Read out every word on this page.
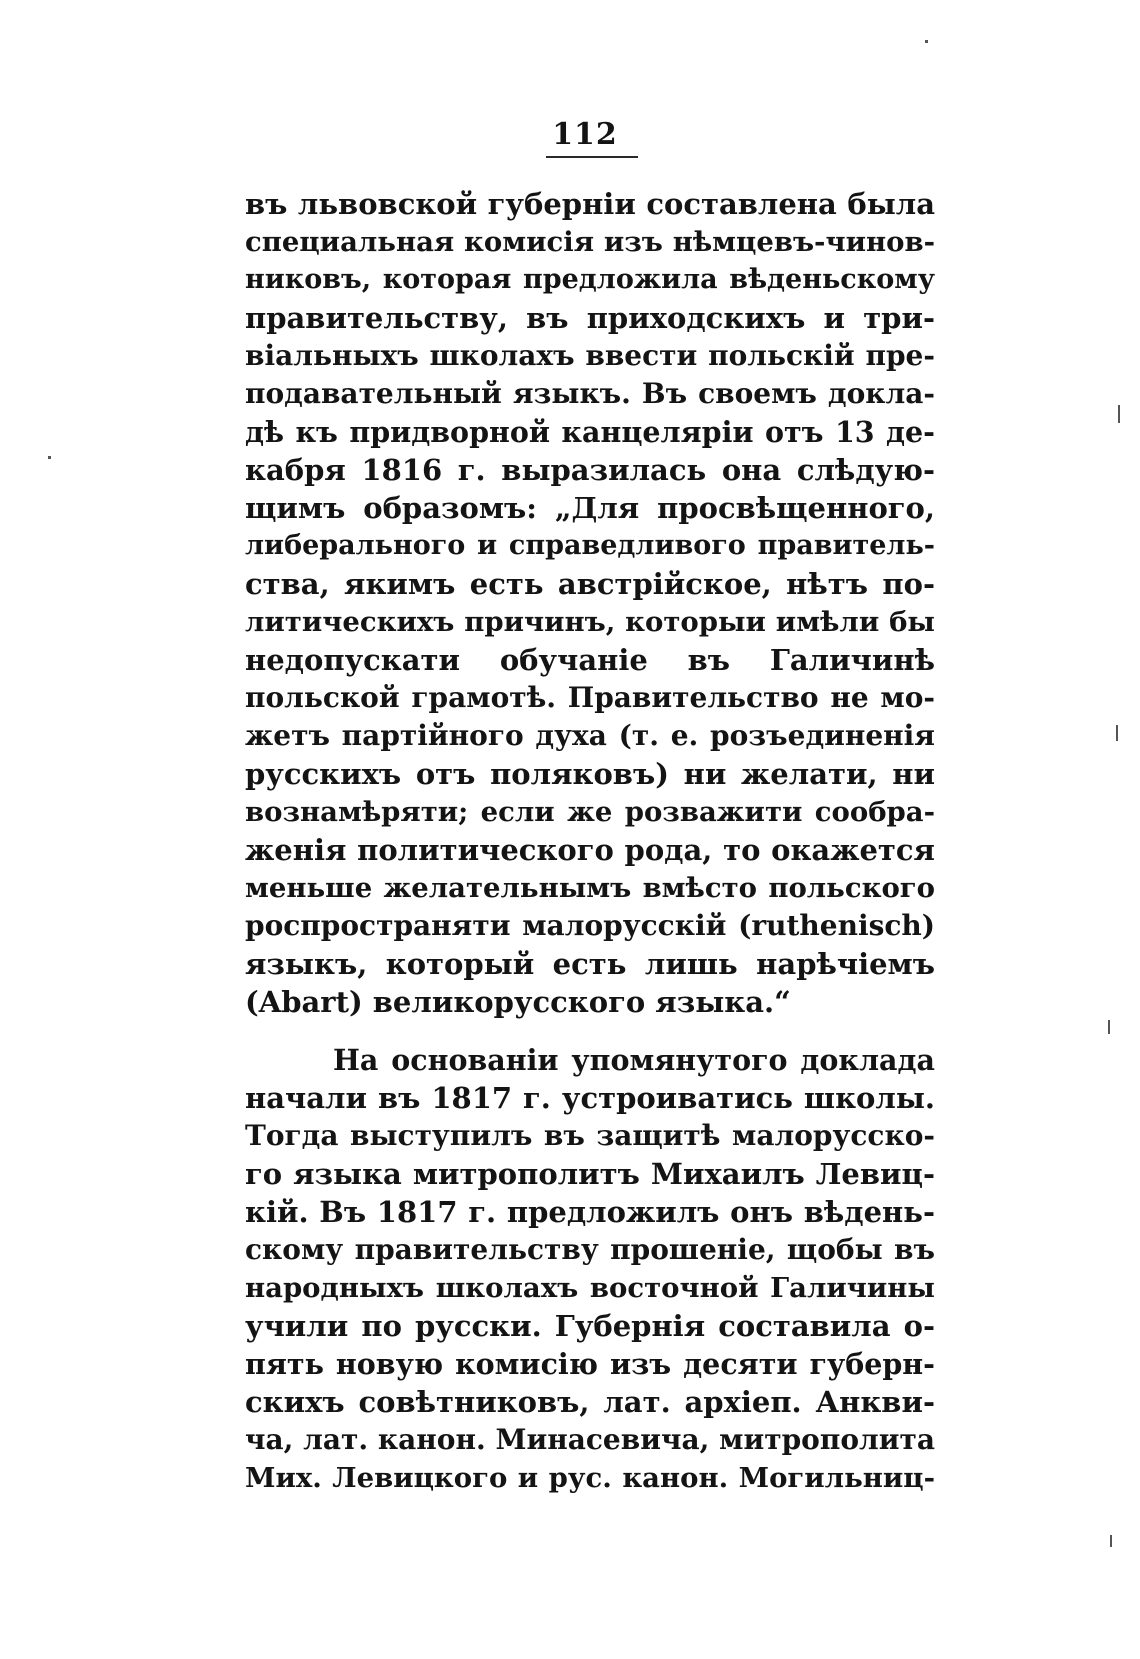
112
въ львовской губерніи составлена была
специальная комисія изъ нѣмцевъ-чинов-
никовъ, которая предложила вѣденьскому
правительству, въ приходскихъ и три-
віальныхъ школахъ ввести польскій пре-
подавательный языкъ. Въ своемъ докла-
дѣ къ придворной канцеляріи отъ 13 де-
кабря 1816 г. выразилась она слѣдую-
щимъ образомъ: „Для просвѣщенного,
либерального и справедливого правитель-
ства, якимъ есть австрійское, нѣтъ по-
литическихъ причинъ, которыи имѣли бы
недопускати обучаніе въ Галичинѣ
польской грамотѣ. Правительство не мо-
жетъ партійного духа (т. е. розъединенія
русскихъ отъ поляковъ) ни желати, ни
вознамѣряти; если же розважити сообра-
женія политического рода, то окажется
меньше желательнымъ вмѣсто польского
роспространяти малорусскій (ruthenisch)
языкъ, который есть лишь нарѣчіемъ
(Abart) великорусского языка.“
На основаніи упомянутого доклада
начали въ 1817 г. устроиватись школы.
Тогда выступилъ въ защитѣ малорусско-
го языка митрополитъ Михаилъ Левиц-
кій. Въ 1817 г. предложилъ онъ вѣдень-
скому правительству прошеніе, щобы въ
народныхъ школахъ восточной Галичины
учили по русски. Губернія составила о-
пять новую комисію изъ десяти губерн-
скихъ совѣтниковъ, лат. архіеп. Анкви-
ча, лат. канон. Минасевича, митрополита
Мих. Левицкого и рус. канон. Могильниц-
